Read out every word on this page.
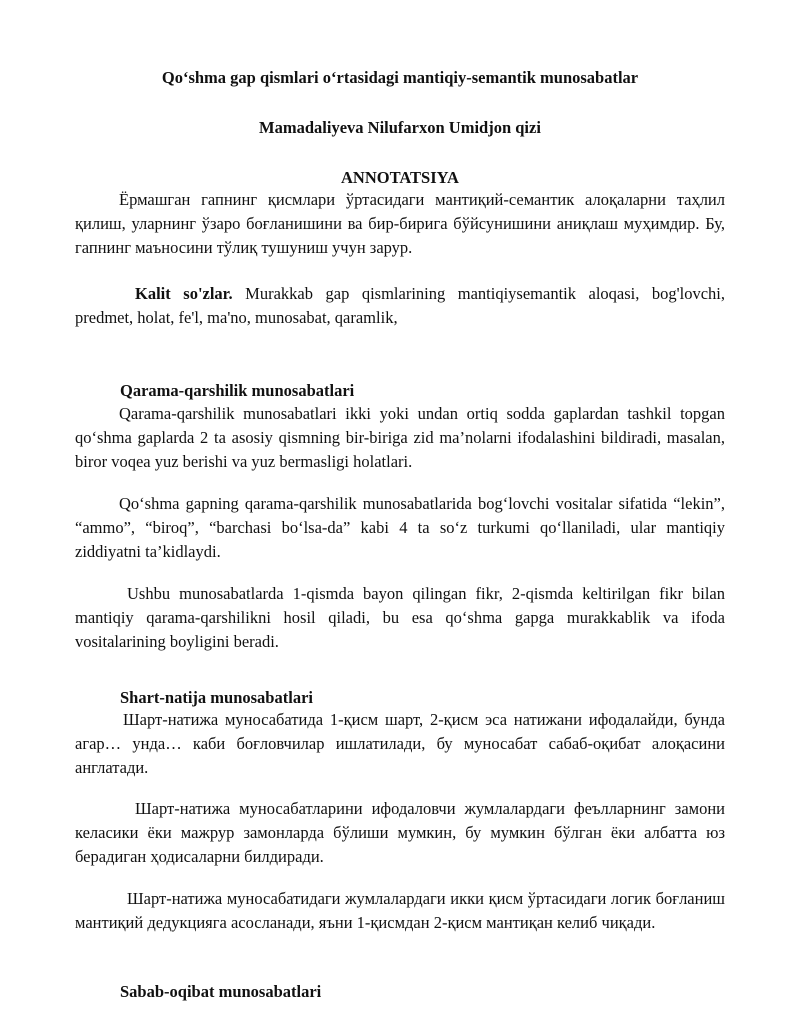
Qo‘shma gap qismlari o‘rtasidagi mantiqiy-semantik munosabatlar
Mamadaliyeva Nilufarxon Umidjon qizi
ANNOTATSIYA
Ёрмашган гапнинг қисмлари ўртасидаги мантиқий-семантик алоқаларни таҳлил қилиш, уларнинг ўзаро боғланишини ва бир-бирига бўйсунишини аниқлаш муҳимдир. Бу, гапнинг маъносини тўлиқ тушуниш учун зарур.
Kalit so'zlar. Murakkab gap qismlarining mantiqiysemantik aloqasi, bog'lovchi, predmet, holat, fe'l, ma'no, munosabat, qaramlik,
Qarama-qarshilik munosabatlari
Qarama-qarshilik munosabatlari ikki yoki undan ortiq sodda gaplardan tashkil topgan qo‘shma gaplarda 2 ta asosiy qismning bir-biriga zid ma’nolarni ifodalashini bildiradi, masalan, biror voqea yuz berishi va yuz bermasligi holatlari.
Qo‘shma gapning qarama-qarshilik munosabatlarida bog‘lovchi vositalar sifatida “lekin”, “ammo”, “biroq”, “barchasi bo‘lsa-da” kabi 4 ta so‘z turkumi qo‘llaniladi, ular mantiqiy ziddiyatni ta’kidlaydi.
Ushbu munosabatlarda 1-qismda bayon qilingan fikr, 2-qismda keltirilgan fikr bilan mantiqiy qarama-qarshilikni hosil qiladi, bu esa qo‘shma gapga murakkablik va ifoda vositalarining boyligini beradi.
Shart-natija munosabatlari
Шарт-натижа муносабатида 1-қисм шарт, 2-қисм эса натижани ифодалайди, бунда агар… унда… каби боғловчилар ишлатилади, бу муносабат сабаб-оқибат алоқасини англатади.
Шарт-натижа муносабатларини ифодаловчи жумлалардаги феълларнинг замони келасики ёки мажрур замонларда бўлиши мумкин, бу мумкин бўлган ёки албатта юз берадиган ҳодисаларни билдиради.
Шарт-натижа муносабатидаги жумлалардаги икки қисм ўртасидаги логик боғланиш мантиқий дедукцияга асосланади, яъни 1-қисмдан 2-қисм мантиқан келиб чиқади.
Sabab-oqibat munosabatlari
